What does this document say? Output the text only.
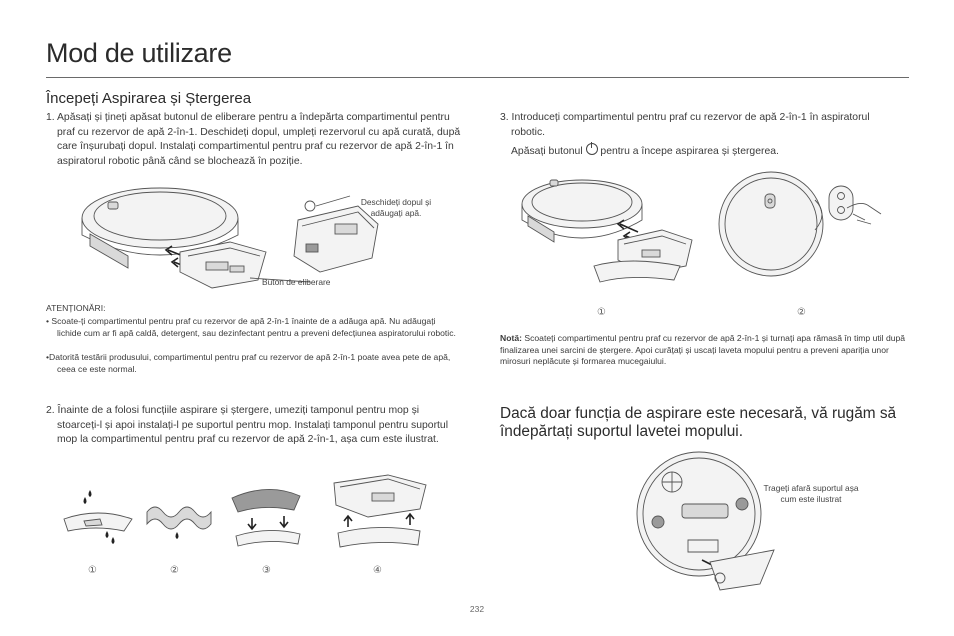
Mod de utilizare
Începeți Aspirarea și Ștergerea
1. Apăsați și țineți apăsat butonul de eliberare pentru a îndepărta compartimentul pentru praf cu rezervor de apă 2-în-1. Deschideți dopul, umpleți rezervorul cu apă curată, după care înșurubați dopul. Instalați compartimentul pentru praf cu rezervor de apă 2-în-1 în aspiratorul robotic până când se blochează în poziție.
Deschideți dopul și adăugați apă.
Buton de eliberare
ATENȚIONĂRI:
• Scoate-ți compartimentul pentru praf cu rezervor de apă 2-în-1 înainte de a adăuga apă. Nu adăugați lichide cum ar fi apă caldă, detergent, sau dezinfectant pentru a preveni defecțiunea aspiratorului robotic.
•Datorită testării produsului, compartimentul pentru praf cu rezervor de apă 2-în-1 poate avea pete de apă, ceea ce este normal.
2. Înainte de a folosi funcțiile aspirare și ștergere, umeziți tamponul pentru mop și stoarceți-l și apoi instalați-l pe suportul pentru mop. Instalați tamponul pentru suportul mop la compartimentul pentru praf cu rezervor de apă 2-în-1, așa cum este ilustrat.
①	②	③	④
3. Introduceți compartimentul pentru praf cu rezervor de apă 2-în-1 în aspiratorul robotic.
Apăsați butonul pentru a începe aspirarea și ștergerea.
①	②
Notă: Scoateți compartimentul pentru praf cu rezervor de apă 2-în-1 și turnați apa rămasă în timp util după finalizarea unei sarcini de ștergere. Apoi curățați și uscați laveta mopului pentru a preveni apariția unor mirosuri neplăcute și formarea mucegaiului.
Dacă doar funcția de aspirare este necesară, vă rugăm să îndepărtați suportul lavetei mopului.
Trageți afară suportul așa cum este ilustrat
232
